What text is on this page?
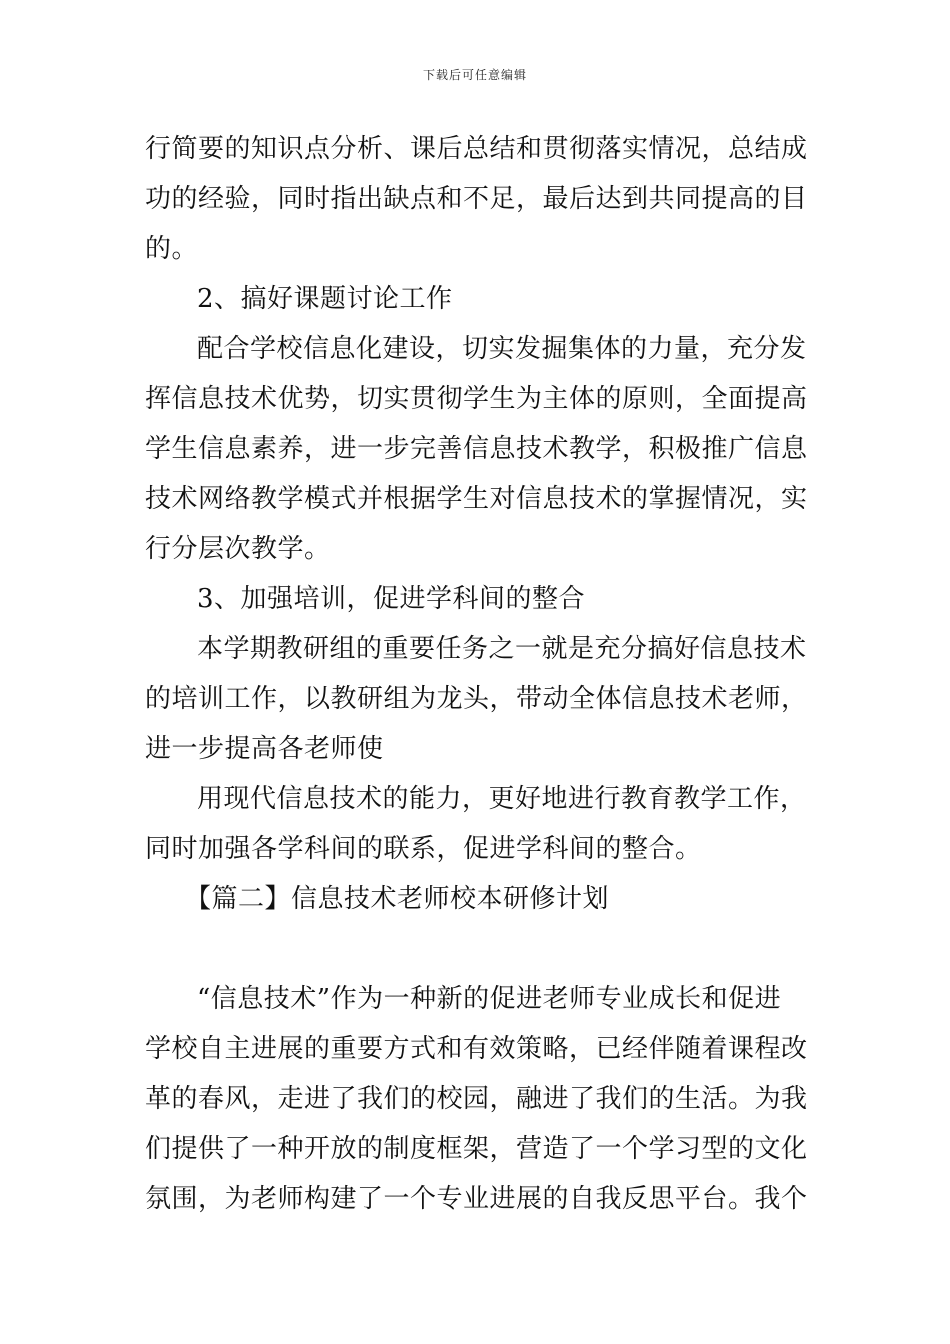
下载后可任意编辑
行简要的知识点分析、课后总结和贯彻落实情况，总结成
功的经验，同时指出缺点和不足，最后达到共同提高的目
的。
2、搞好课题讨论工作
配合学校信息化建设，切实发掘集体的力量，充分发
挥信息技术优势，切实贯彻学生为主体的原则，全面提高
学生信息素养，进一步完善信息技术教学，积极推广信息
技术网络教学模式并根据学生对信息技术的掌握情况，实
行分层次教学。
3、加强培训，促进学科间的整合
本学期教研组的重要任务之一就是充分搞好信息技术
的培训工作，以教研组为龙头，带动全体信息技术老师，
进一步提高各老师使
用现代信息技术的能力，更好地进行教育教学工作，
同时加强各学科间的联系，促进学科间的整合。
【篇二】信息技术老师校本研修计划
“信息技术”作为一种新的促进老师专业成长和促进
学校自主进展的重要方式和有效策略，已经伴随着课程改
革的春风，走进了我们的校园，融进了我们的生活。为我
们提供了一种开放的制度框架，营造了一个学习型的文化
氛围，为老师构建了一个专业进展的自我反思平台。我个
